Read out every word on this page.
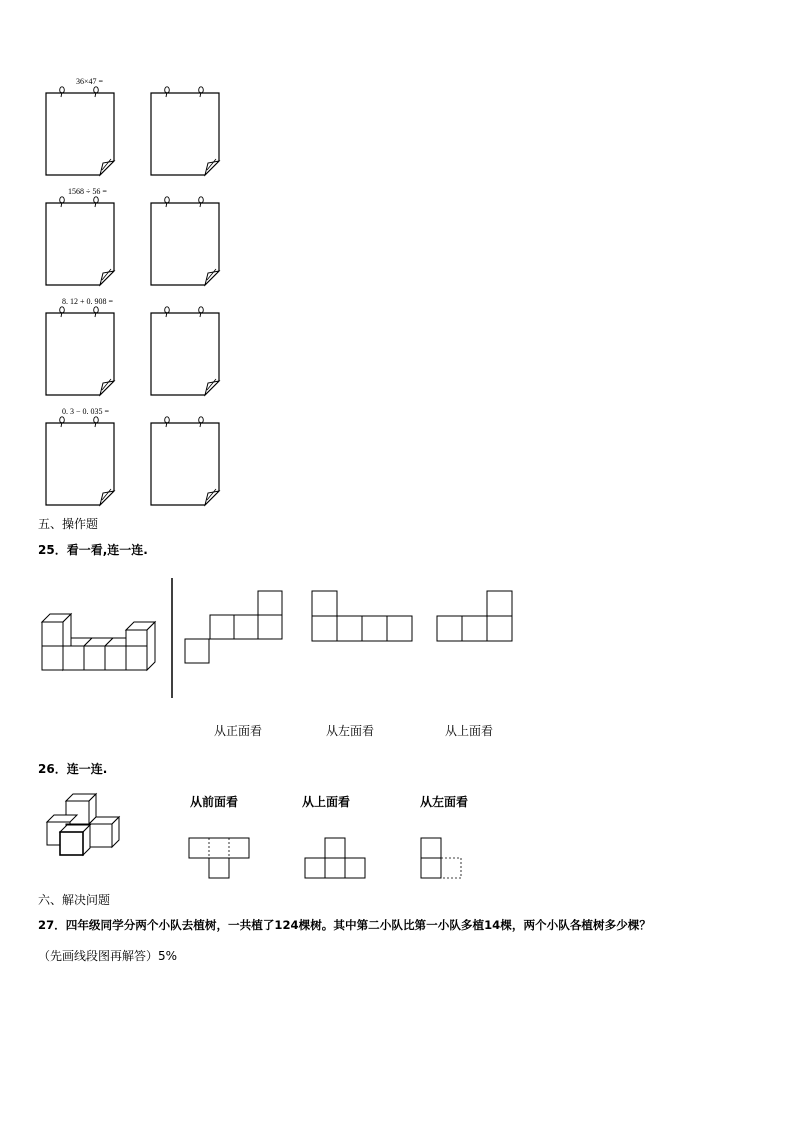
36×47 =
1568 ÷ 56 =
8. 12 + 0. 908 =
0. 3 − 0. 035 =
五、操作题
25．看一看,连一连.
从正面看	从左面看	从上面看
26．连一连.
从前面看	从上面看	从左面看
六、解决问题
27．四年级同学分两个小队去植树，一共植了124棵树。其中第二小队比第一小队多植14棵，两个小队各植树多少棵？
（先画线段图再解答）5%
